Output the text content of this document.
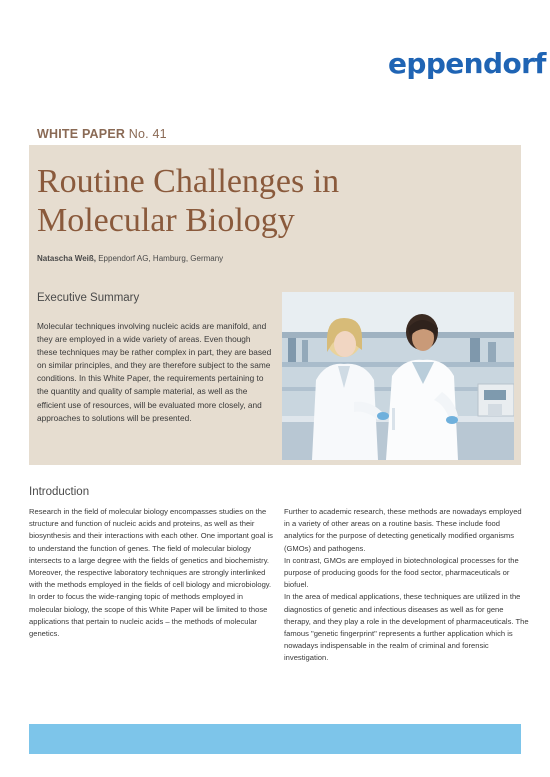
eppendorf
WHITE PAPER No. 41
Routine Challenges in
Molecular Biology
Natascha Weiß, Eppendorf AG, Hamburg, Germany
Executive Summary

Molecular techniques involving nucleic acids are manifold, and they are employed in a wide variety of areas. Even though these techniques may be rather complex in part, they are based on similar principles, and they are therefore subject to the same conditions. In this White Paper, the requirements pertaining to the quantity and quality of sample material, as well as the efficient use of resources, will be evaluated more closely, and approaches to solutions will be presented.

Introduction

Research in the field of molecular biology encompasses studies on the structure and function of nucleic acids and proteins, as well as their biosynthesis and their interactions with each other. One important goal is to understand the function of genes. The field of molecular biology intersects to a large degree with the fields of genetics and biochemistry. Moreover, the respective laboratory techniques are strongly interlinked with the methods employed in the fields of cell biology and microbiology.

In order to focus the wide-ranging topic of methods employed in molecular biology, the scope of this White Paper will be limited to those applications that pertain to nucleic acids – the methods of molecular genetics.

Further to academic research, these methods are nowadays employed in a variety of other areas on a routine basis. These include food analytics for the purpose of detecting genetically modified organisms (GMOs) and pathogens.

In contrast, GMOs are employed in biotechnological processes for the purpose of producing goods for the food sector, pharmaceuticals or biofuel.

In the area of medical applications, these techniques are utilized in the diagnostics of genetic and infectious diseases as well as for gene therapy, and they play a role in the development of pharmaceuticals. The famous "genetic fingerprint" represents a further application which is nowadays indispensable in the realm of criminal and forensic investigation.
